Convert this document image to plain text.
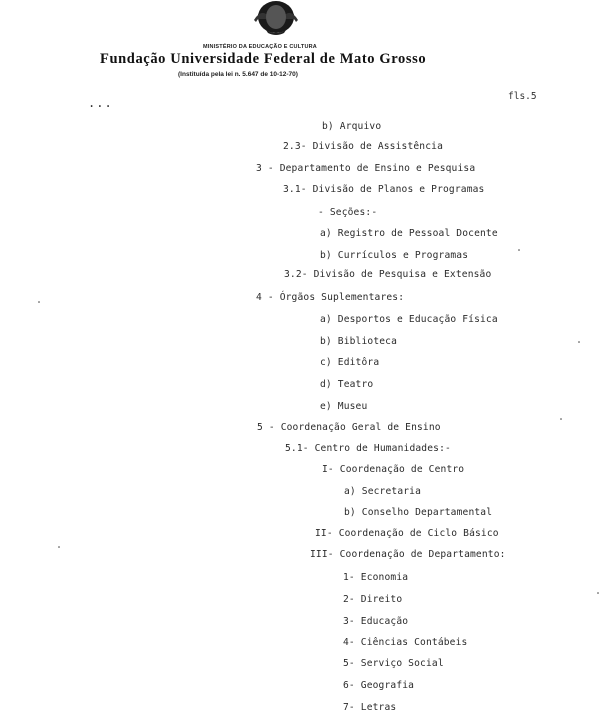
MINISTÉRIO DA EDUCAÇÃO E CULTURA
Fundação Universidade Federal de Mato Grosso
(Instituída pela lei n. 5.647 de 10-12-70)
...	fls.5
b) Arquivo
2.3- Divisão de Assistência
3 - Departamento de Ensino e Pesquisa
3.1- Divisão de Planos e Programas
- Seções:-
a) Registro de Pessoal Docente
b) Currículos e Programas
3.2- Divisão de Pesquisa e Extensão
4 - Órgãos Suplementares:
a) Desportos e Educação Física
b) Biblioteca
c) Editôra
d) Teatro
e) Museu
5 - Coordenação Geral de Ensino
5.1- Centro de Humanidades:-
I- Coordenação de Centro
a) Secretaria
b) Conselho Departamental
II- Coordenação de Ciclo Básico
III- Coordenação de Departamento:
1- Economia
2- Direito
3- Educação
4- Ciências Contábeis
5- Serviço Social
6- Geografia
7- Letras
